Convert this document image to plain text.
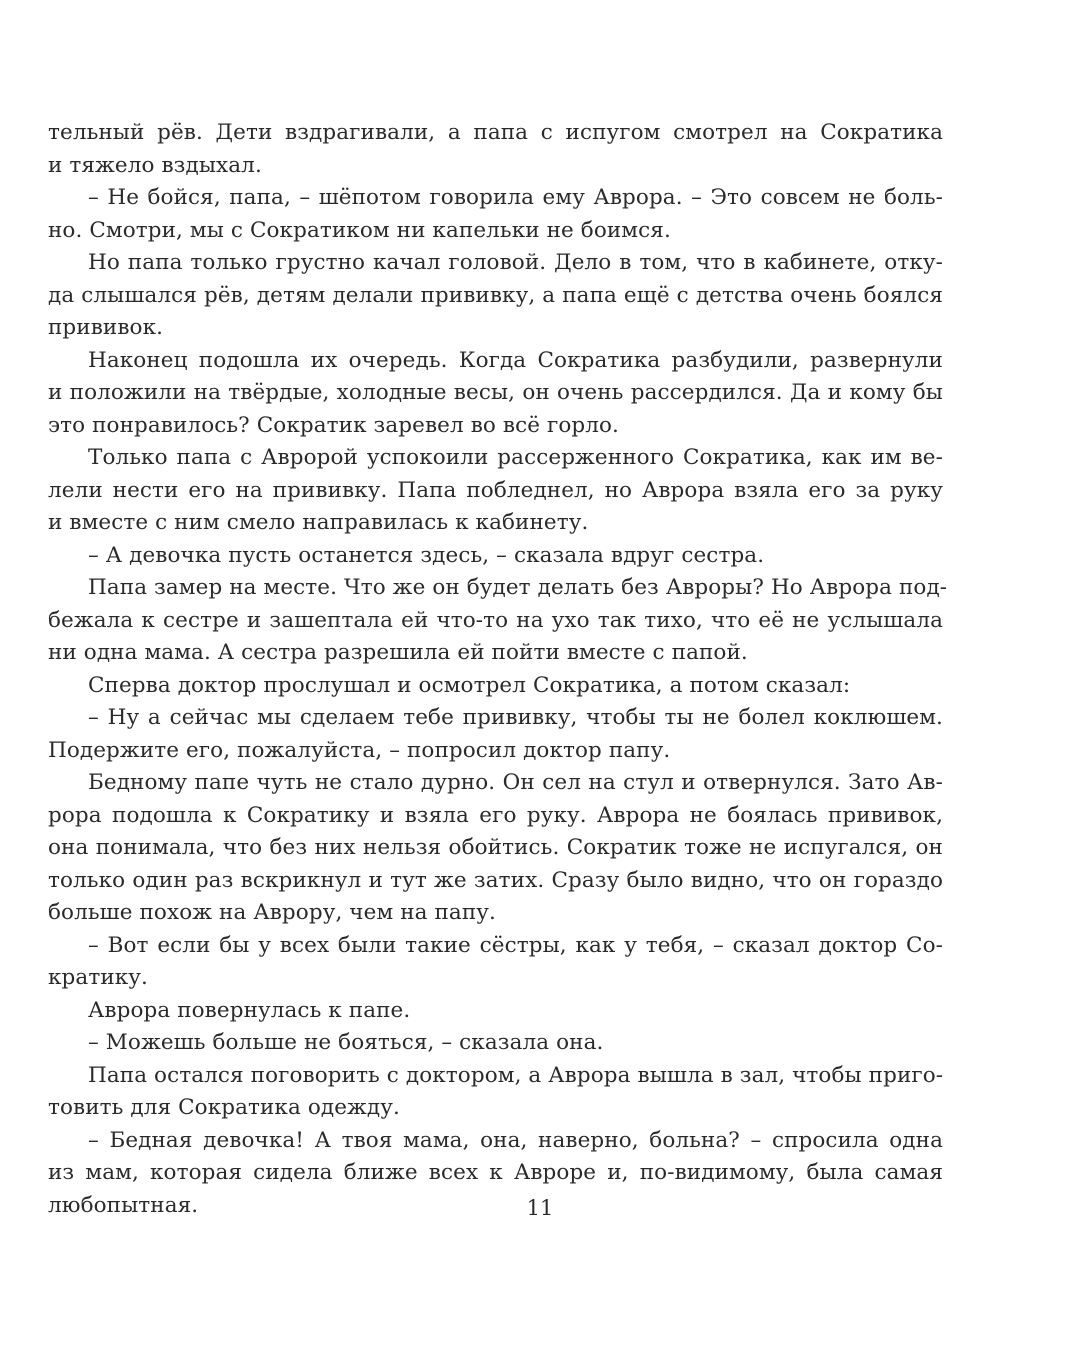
тельный рёв. Дети вздрагивали, а папа с испугом смотрел на Сократика
и тяжело вздыхал.
– Не бойся, папа, – шёпотом говорила ему Аврора. – Это совсем не боль-
но. Смотри, мы с Сократиком ни капельки не боимся.
Но папа только грустно качал головой. Дело в том, что в кабинете, отку-
да слышался рёв, детям делали прививку, а папа ещё с детства очень боялся
прививок.
Наконец подошла их очередь. Когда Сократика разбудили, развернули
и положили на твёрдые, холодные весы, он очень рассердился. Да и кому бы
это понравилось? Сократик заревел во всё горло.
Только папа с Авророй успокоили рассерженного Сократика, как им ве-
лели нести его на прививку. Папа побледнел, но Аврора взяла его за руку
и вместе с ним смело направилась к кабинету.
– А девочка пусть останется здесь, – сказала вдруг сестра.
Папа замер на месте. Что же он будет делать без Авроры? Но Аврора под-
бежала к сестре и зашептала ей что-то на ухо так тихо, что её не услышала
ни одна мама. А сестра разрешила ей пойти вместе с папой.
Сперва доктор прослушал и осмотрел Сократика, а потом сказал:
– Ну а сейчас мы сделаем тебе прививку, чтобы ты не болел коклюшем.
Подержите его, пожалуйста, – попросил доктор папу.
Бедному папе чуть не стало дурно. Он сел на стул и отвернулся. Зато Ав-
рора подошла к Сократику и взяла его руку. Аврора не боялась прививок,
она понимала, что без них нельзя обойтись. Сократик тоже не испугался, он
только один раз вскрикнул и тут же затих. Сразу было видно, что он гораздо
больше похож на Аврору, чем на папу.
– Вот если бы у всех были такие сёстры, как у тебя, – сказал доктор Со-
кратику.
Аврора повернулась к папе.
– Можешь больше не бояться, – сказала она.
Папа остался поговорить с доктором, а Аврора вышла в зал, чтобы приго-
товить для Сократика одежду.
– Бедная девочка! А твоя мама, она, наверно, больна? – спросила одна
из мам, которая сидела ближе всех к Авроре и, по-видимому, была самая
любопытная.	11
